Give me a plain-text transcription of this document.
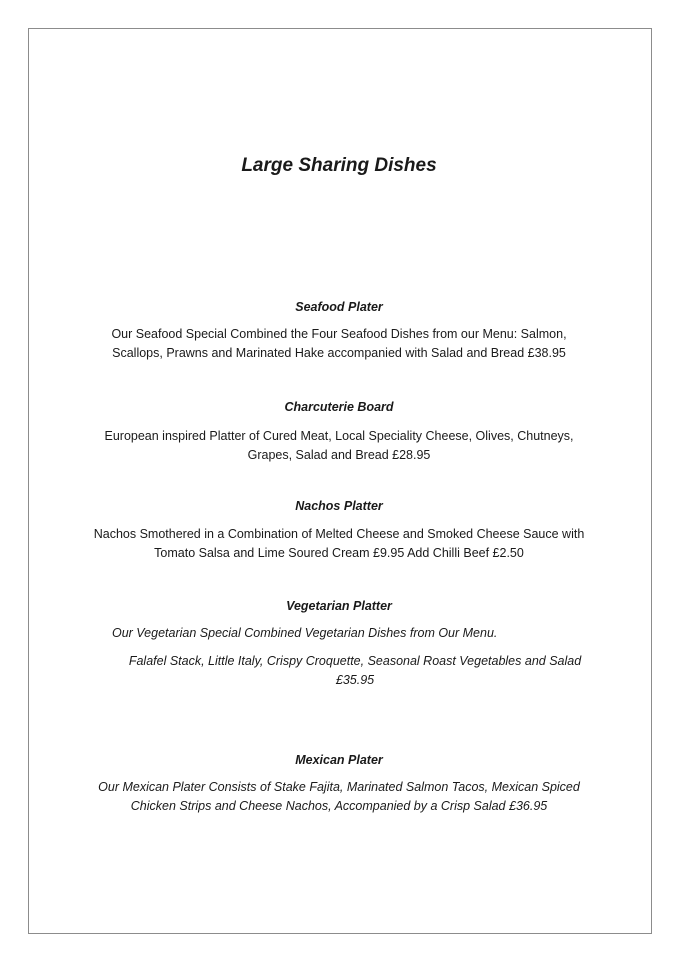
Large Sharing Dishes
Seafood Plater
Our Seafood Special Combined the Four Seafood Dishes from our Menu: Salmon,
Scallops, Prawns and Marinated Hake accompanied with Salad and Bread £38.95
Charcuterie Board
European inspired Platter of Cured Meat, Local Speciality Cheese, Olives, Chutneys,
Grapes, Salad and Bread £28.95
Nachos Platter
Nachos Smothered in a Combination of Melted Cheese and Smoked Cheese Sauce with
Tomato Salsa and Lime Soured Cream £9.95 Add Chilli Beef £2.50
Vegetarian Platter
Our Vegetarian Special Combined Vegetarian Dishes from Our Menu.
Falafel Stack, Little Italy, Crispy Croquette, Seasonal Roast Vegetables and Salad
£35.95
Mexican Plater
Our Mexican Plater Consists of Stake Fajita, Marinated Salmon Tacos, Mexican Spiced
Chicken Strips and Cheese Nachos, Accompanied by a Crisp Salad £36.95
